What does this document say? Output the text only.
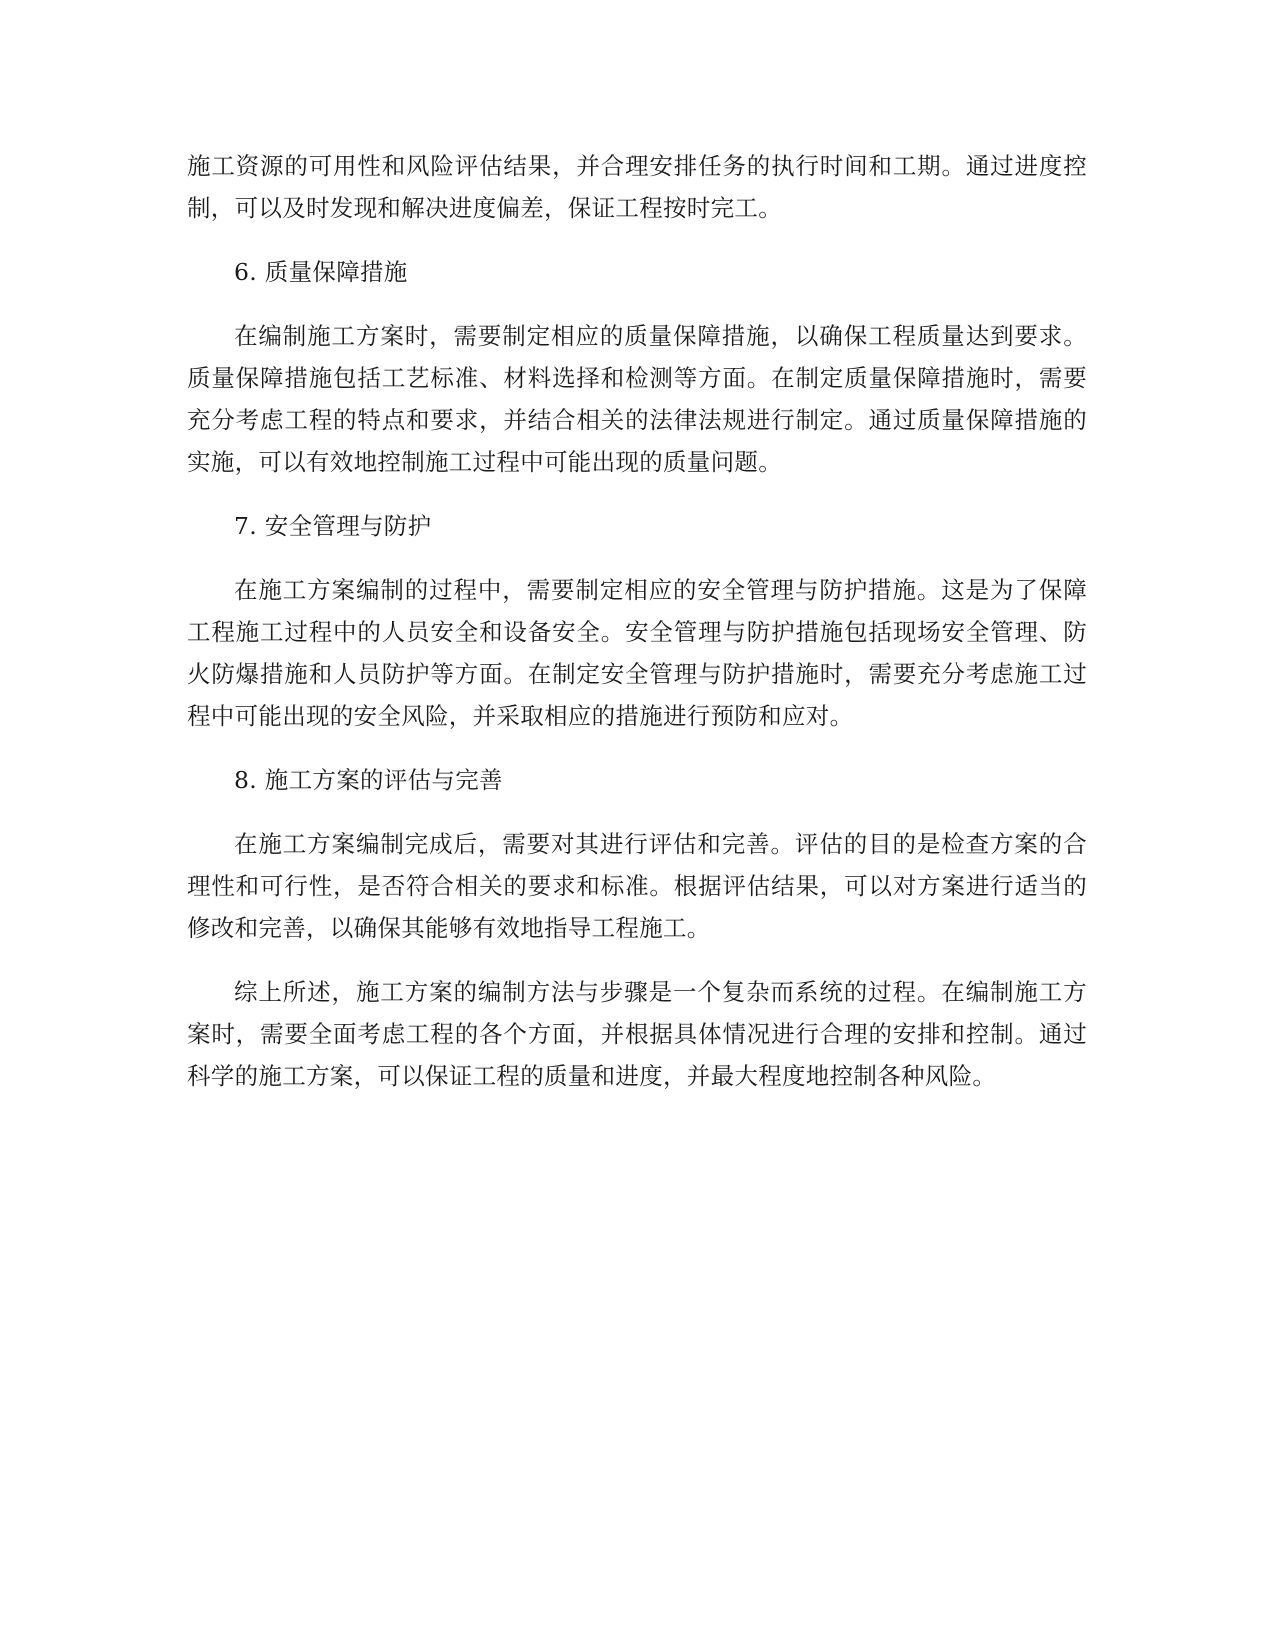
施工资源的可用性和风险评估结果，并合理安排任务的执行时间和工期。通过进度控制，可以及时发现和解决进度偏差，保证工程按时完工。

6. 质量保障措施

在编制施工方案时，需要制定相应的质量保障措施，以确保工程质量达到要求。质量保障措施包括工艺标准、材料选择和检测等方面。在制定质量保障措施时，需要充分考虑工程的特点和要求，并结合相关的法律法规进行制定。通过质量保障措施的实施，可以有效地控制施工过程中可能出现的质量问题。

7. 安全管理与防护

在施工方案编制的过程中，需要制定相应的安全管理与防护措施。这是为了保障工程施工过程中的人员安全和设备安全。安全管理与防护措施包括现场安全管理、防火防爆措施和人员防护等方面。在制定安全管理与防护措施时，需要充分考虑施工过程中可能出现的安全风险，并采取相应的措施进行预防和应对。

8. 施工方案的评估与完善

在施工方案编制完成后，需要对其进行评估和完善。评估的目的是检查方案的合理性和可行性，是否符合相关的要求和标准。根据评估结果，可以对方案进行适当的修改和完善，以确保其能够有效地指导工程施工。

综上所述，施工方案的编制方法与步骤是一个复杂而系统的过程。在编制施工方案时，需要全面考虑工程的各个方面，并根据具体情况进行合理的安排和控制。通过科学的施工方案，可以保证工程的质量和进度，并最大程度地控制各种风险。
